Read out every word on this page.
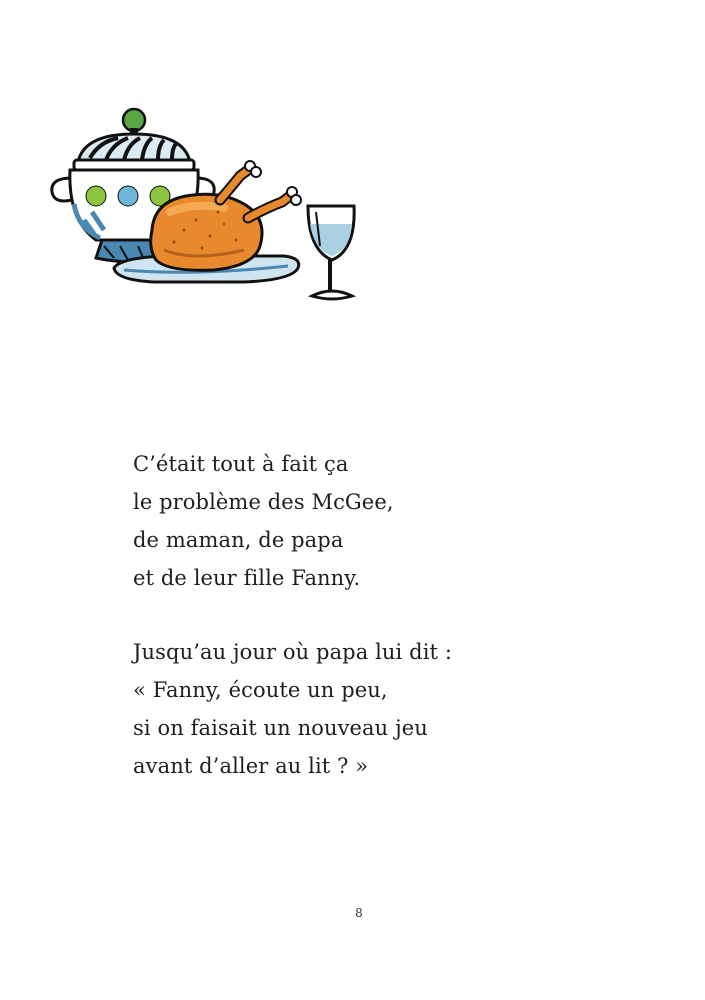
C’était tout à fait ça
le problème des McGee,
de maman, de papa
et de leur fille Fanny.
Jusqu’au jour où papa lui dit :
« Fanny, écoute un peu,
si on faisait un nouveau jeu
avant d’aller au lit ? »
8
